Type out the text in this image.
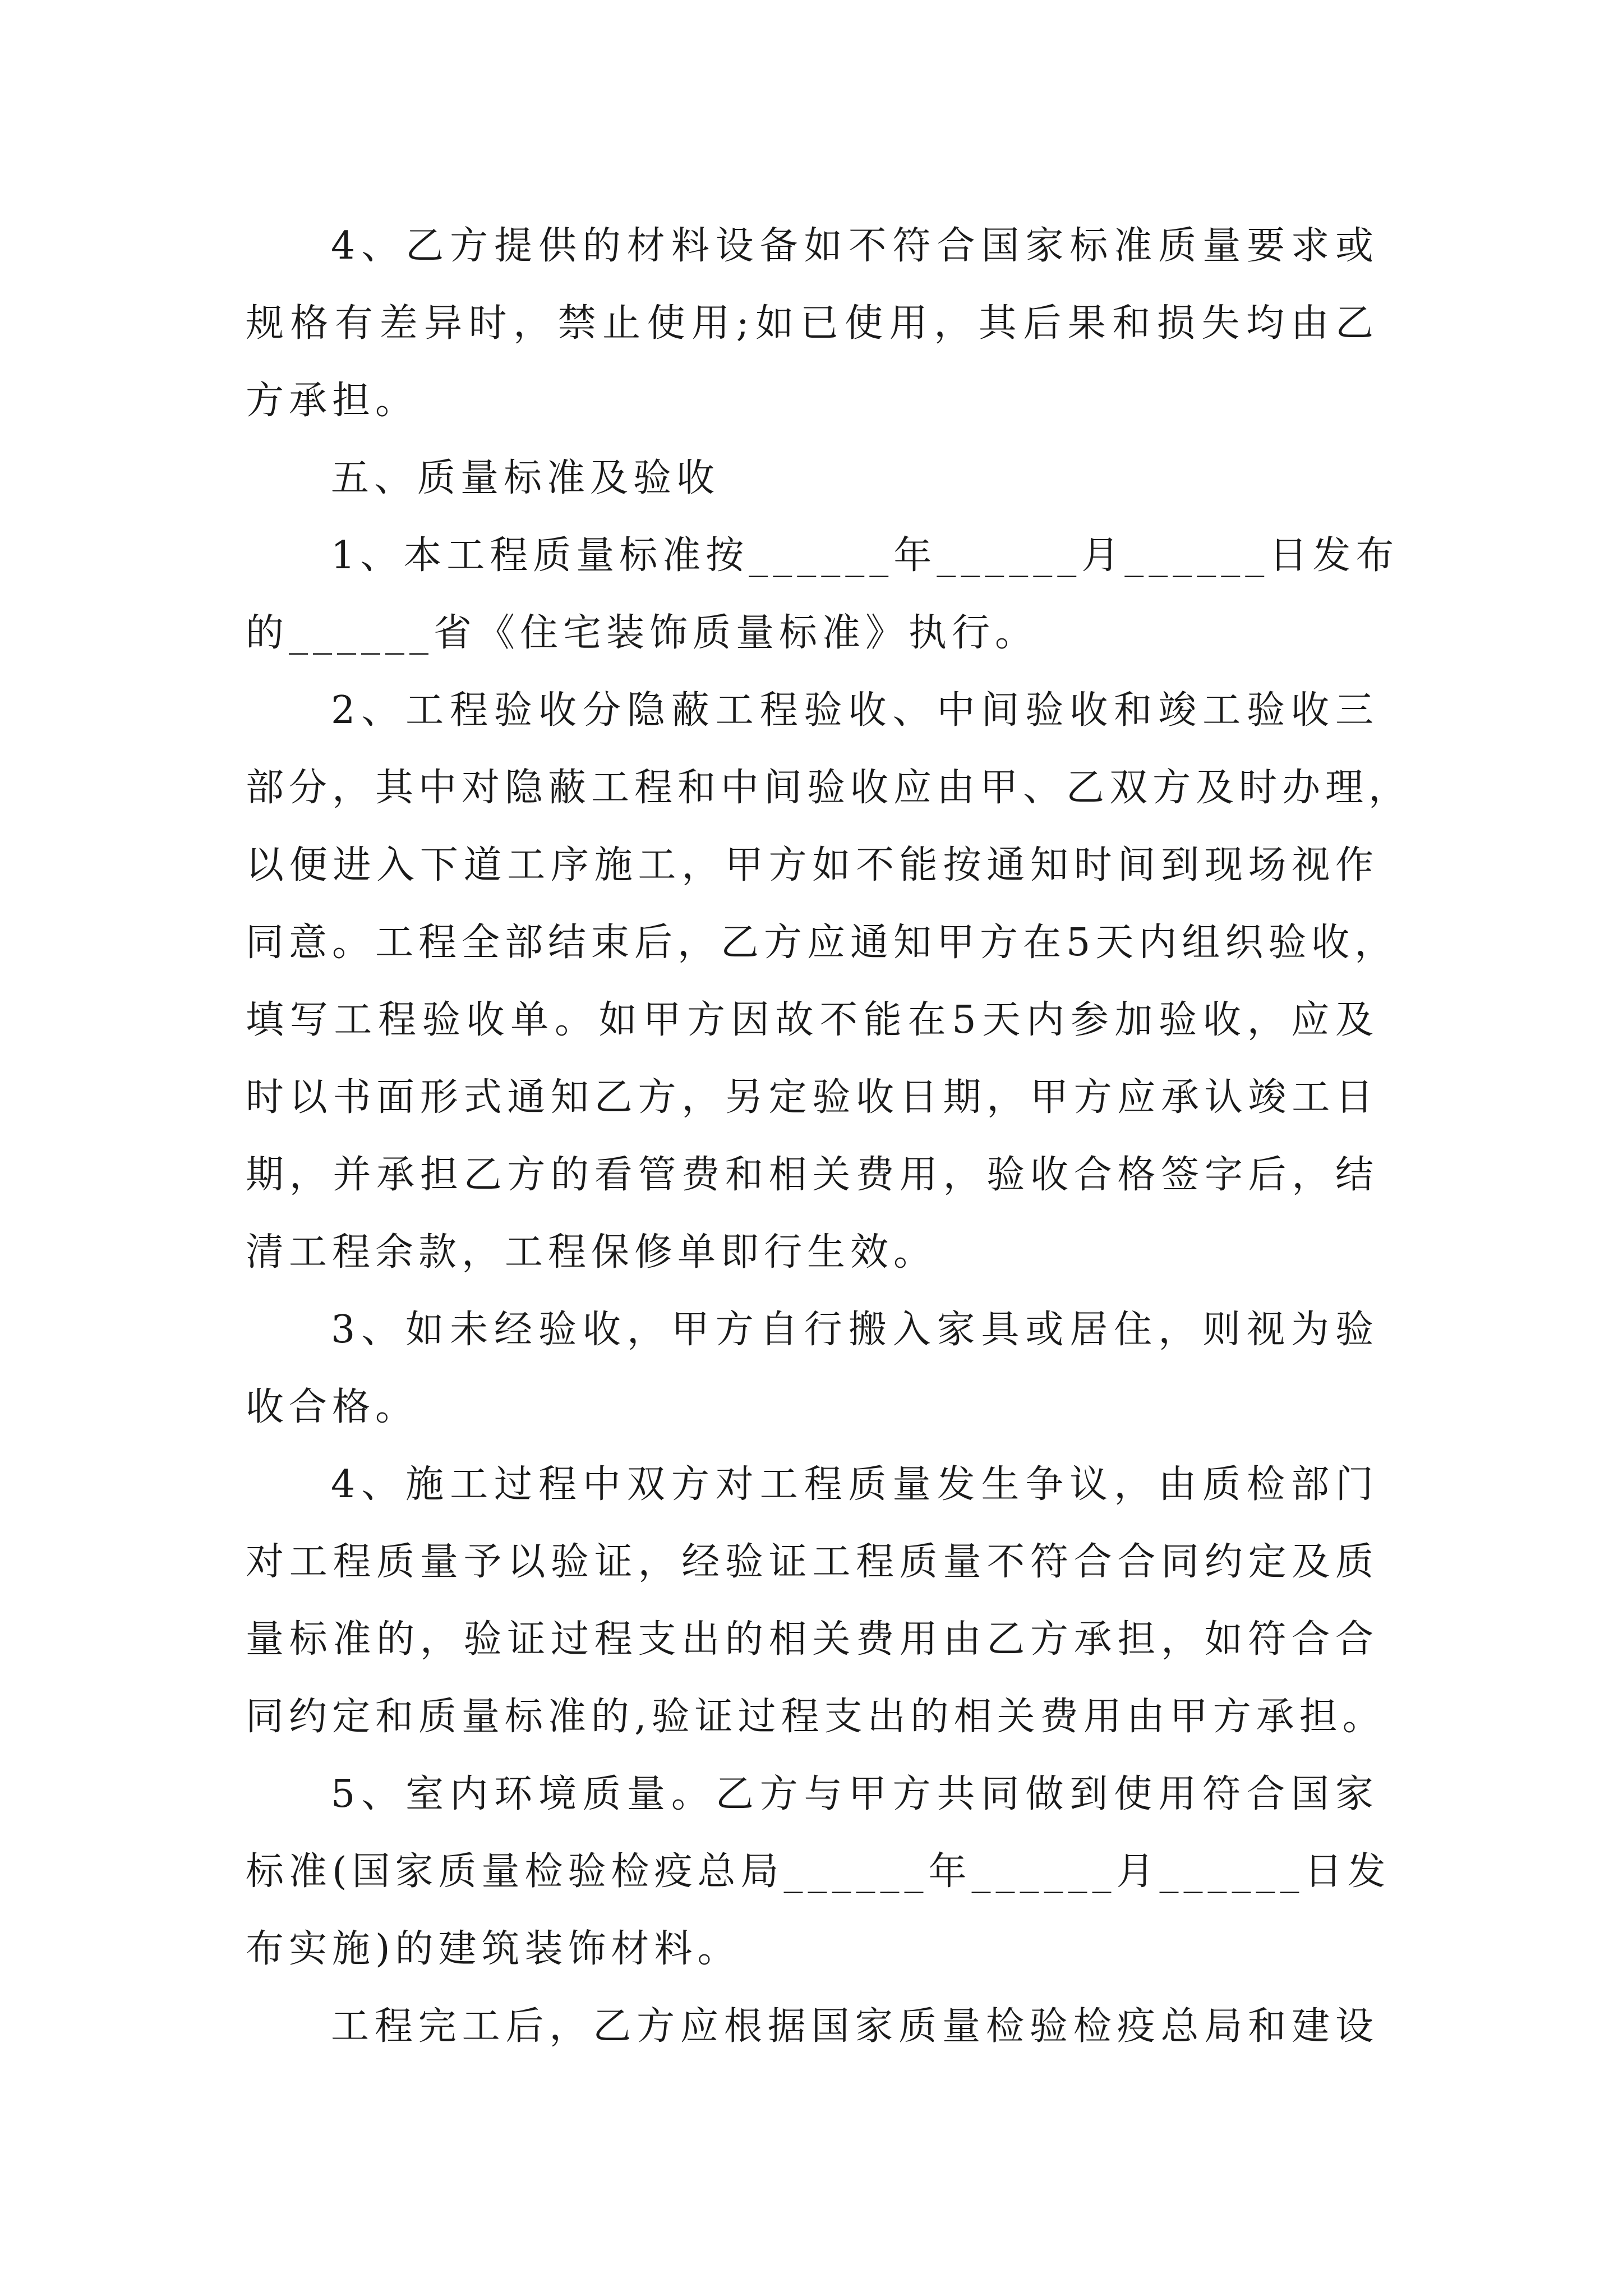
4、乙方提供的材料设备如不符合国家标准质量要求或
规格有差异时，禁止使用;如已使用，其后果和损失均由乙
方承担。
五、质量标准及验收
1、本工程质量标准按______年______月______日发布
的______省《住宅装饰质量标准》执行。
2、工程验收分隐蔽工程验收、中间验收和竣工验收三
部分，其中对隐蔽工程和中间验收应由甲、乙双方及时办理，
以便进入下道工序施工，甲方如不能按通知时间到现场视作
同意。工程全部结束后，乙方应通知甲方在5天内组织验收，
填写工程验收单。如甲方因故不能在5天内参加验收，应及
时以书面形式通知乙方，另定验收日期，甲方应承认竣工日
期，并承担乙方的看管费和相关费用，验收合格签字后，结
清工程余款，工程保修单即行生效。
3、如未经验收，甲方自行搬入家具或居住，则视为验
收合格。
4、施工过程中双方对工程质量发生争议，由质检部门
对工程质量予以验证，经验证工程质量不符合合同约定及质
量标准的，验证过程支出的相关费用由乙方承担，如符合合
同约定和质量标准的,验证过程支出的相关费用由甲方承担。
5、室内环境质量。乙方与甲方共同做到使用符合国家
标准(国家质量检验检疫总局______年______月______日发
布实施)的建筑装饰材料。
工程完工后，乙方应根据国家质量检验检疫总局和建设
